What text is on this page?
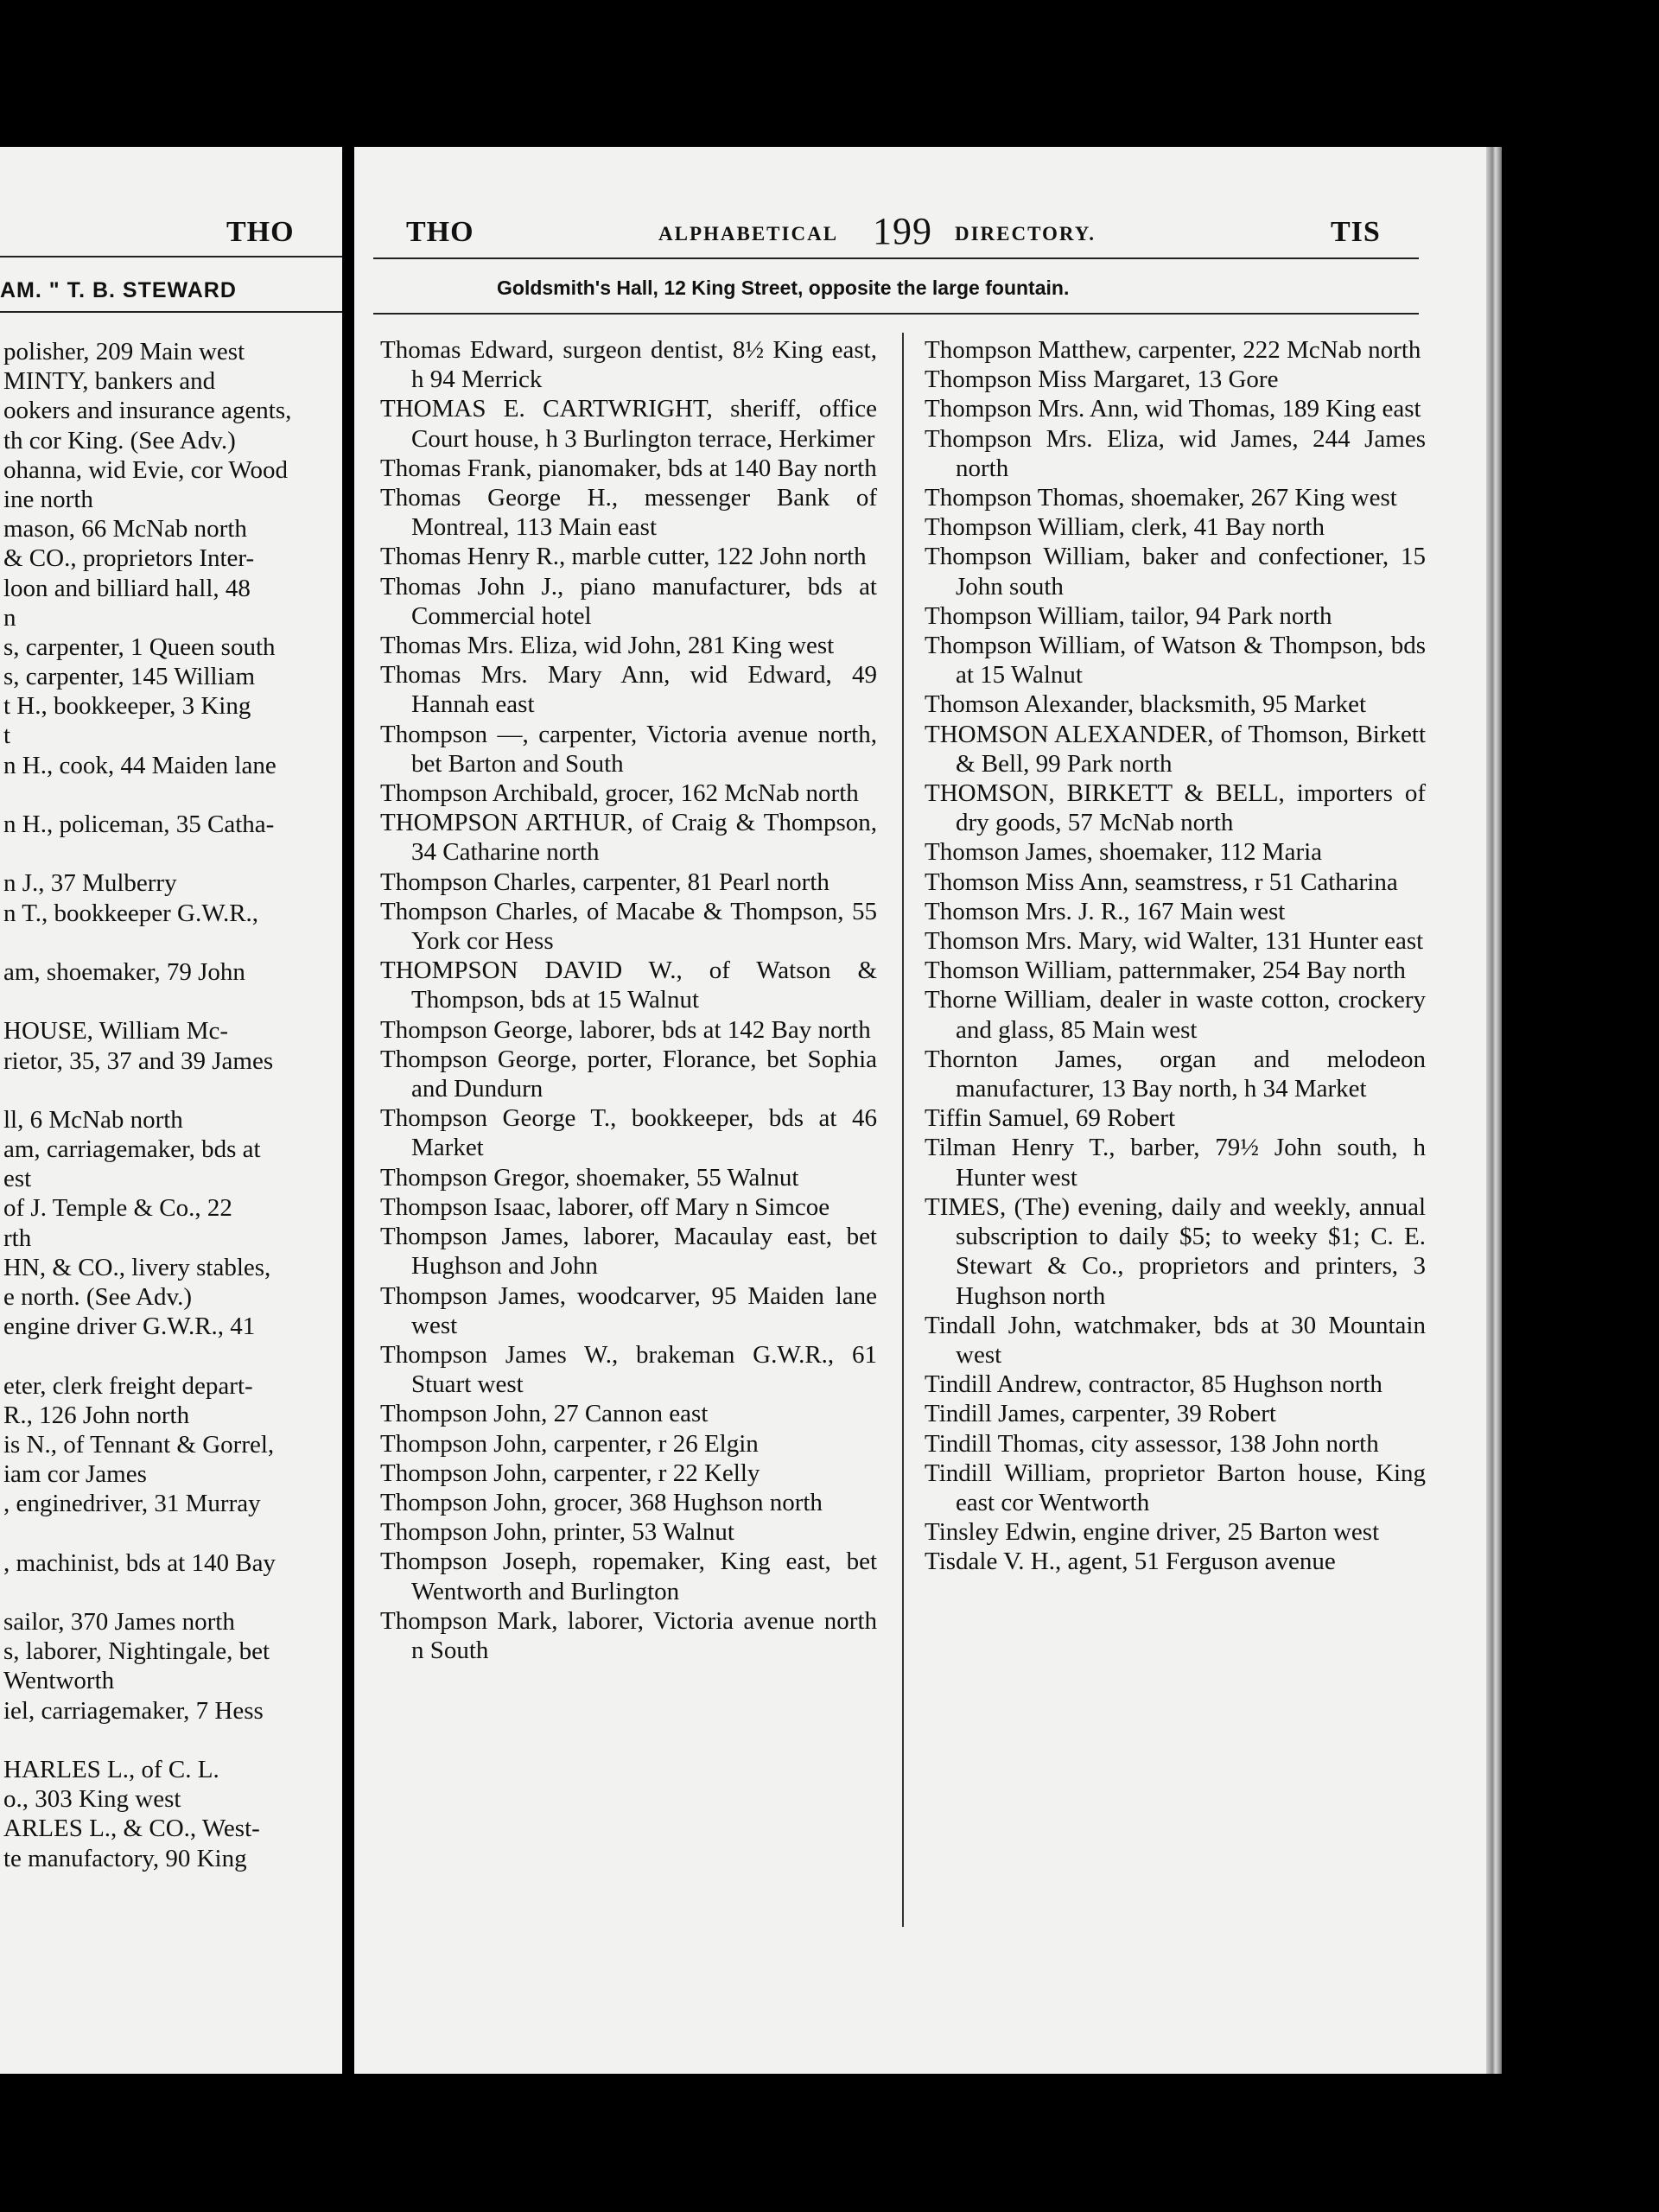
THO
AM. " T. B. STEWARD
polisher, 209 Main west
MINTY, bankers and
ookers and insurance agents,
th cor King. (See Adv.)
ohanna, wid Evie, cor Wood
ine north
mason, 66 McNab north
& CO., proprietors Inter-
loon and billiard hall, 48
n
s, carpenter, 1 Queen south
s, carpenter, 145 William
t H., bookkeeper, 3 King
t
n H., cook, 44 Maiden lane
n H., policeman, 35 Catha-
n J., 37 Mulberry
n T., bookkeeper G.W.R.,
am, shoemaker, 79 John
HOUSE, William Mc-
rietor, 35, 37 and 39 James
ll, 6 McNab north
am, carriagemaker, bds at
est
of J. Temple & Co., 22
rth
HN, & CO., livery stables,
e north. (See Adv.)
engine driver G.W.R., 41
eter, clerk freight depart-
R., 126 John north
is N., of Tennant & Gorrel,
iam cor James
, enginedriver, 31 Murray
, machinist, bds at 140 Bay
sailor, 370 James north
s, laborer, Nightingale, bet
Wentworth
iel, carriagemaker, 7 Hess
HARLES L., of C. L.
o., 303 King west
ARLES L., & CO., West-
te manufactory, 90 King
THO	ALPHABETICAL 199 DIRECTORY.	TIS
Goldsmith's Hall, 12 King Street, opposite the large fountain.
Thomas Edward, surgeon dentist, 8½ King east, h 94 Merrick
THOMAS E. CARTWRIGHT, sheriff, office Court house, h 3 Burlington terrace, Herkimer
Thomas Frank, pianomaker, bds at 140 Bay north
Thomas George H., messenger Bank of Montreal, 113 Main east
Thomas Henry R., marble cutter, 122 John north
Thomas John J., piano manufacturer, bds at Commercial hotel
Thomas Mrs. Eliza, wid John, 281 King west
Thomas Mrs. Mary Ann, wid Edward, 49 Hannah east
Thompson —, carpenter, Victoria avenue north, bet Barton and South
Thompson Archibald, grocer, 162 McNab north
THOMPSON ARTHUR, of Craig & Thompson, 34 Catharine north
Thompson Charles, carpenter, 81 Pearl north
Thompson Charles, of Macabe & Thompson, 55 York cor Hess
THOMPSON DAVID W., of Watson & Thompson, bds at 15 Walnut
Thompson George, laborer, bds at 142 Bay north
Thompson George, porter, Florance, bet Sophia and Dundurn
Thompson George T., bookkeeper, bds at 46 Market
Thompson Gregor, shoemaker, 55 Walnut
Thompson Isaac, laborer, off Mary n Simcoe
Thompson James, laborer, Macaulay east, bet Hughson and John
Thompson James, woodcarver, 95 Maiden lane west
Thompson James W., brakeman G.W.R., 61 Stuart west
Thompson John, 27 Cannon east
Thompson John, carpenter, r 26 Elgin
Thompson John, carpenter, r 22 Kelly
Thompson John, grocer, 368 Hughson north
Thompson John, printer, 53 Walnut
Thompson Joseph, ropemaker, King east, bet Wentworth and Burlington
Thompson Mark, laborer, Victoria avenue north n South
Thompson Matthew, carpenter, 222 McNab north
Thompson Miss Margaret, 13 Gore
Thompson Mrs. Ann, wid Thomas, 189 King east
Thompson Mrs. Eliza, wid James, 244 James north
Thompson Thomas, shoemaker, 267 King west
Thompson William, clerk, 41 Bay north
Thompson William, baker and confectioner, 15 John south
Thompson William, tailor, 94 Park north
Thompson William, of Watson & Thompson, bds at 15 Walnut
Thomson Alexander, blacksmith, 95 Market
THOMSON ALEXANDER, of Thomson, Birkett & Bell, 99 Park north
THOMSON, BIRKETT & BELL, importers of dry goods, 57 McNab north
Thomson James, shoemaker, 112 Maria
Thomson Miss Ann, seamstress, r 51 Catharina
Thomson Mrs. J. R., 167 Main west
Thomson Mrs. Mary, wid Walter, 131 Hunter east
Thomson William, patternmaker, 254 Bay north
Thorne William, dealer in waste cotton, crockery and glass, 85 Main west
Thornton James, organ and melodeon manufacturer, 13 Bay north, h 34 Market
Tiffin Samuel, 69 Robert
Tilman Henry T., barber, 79½ John south, h Hunter west
TIMES, (The) evening, daily and weekly, annual subscription to daily $5; to weeky $1; C. E. Stewart & Co., proprietors and printers, 3 Hughson north
Tindall John, watchmaker, bds at 30 Mountain west
Tindill Andrew, contractor, 85 Hughson north
Tindill James, carpenter, 39 Robert
Tindill Thomas, city assessor, 138 John north
Tindill William, proprietor Barton house, King east cor Wentworth
Tinsley Edwin, engine driver, 25 Barton west
Tisdale V. H., agent, 51 Ferguson avenue
